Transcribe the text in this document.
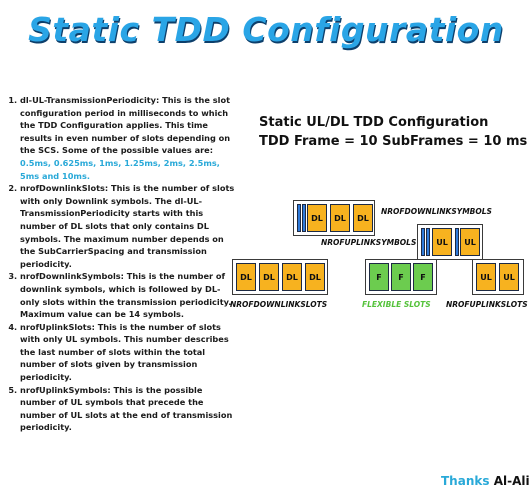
Static TDD Configuration
1. dl-UL-TransmissionPeriodicity: This is the slot configuration period in milliseconds to which the TDD Configuration applies. This time results in even number of slots depending on the SCS. Some of the possible values are: 0.5ms, 0.625ms, 1ms, 1.25ms, 2ms, 2.5ms, 5ms and 10ms.
2. nrofDownlinkSlots: This is the number of slots with only Downlink symbols. The dl-UL-TransmissionPeriodicity starts with this number of DL slots that only contains DL symbols. The maximum number depends on the SubCarrierSpacing and transmission periodicity.
3. nrofDownlinkSymbols: This is the number of downlink symbols, which is followed by DL-only slots within the transmission periodicity. Maximum value can be 14 symbols.
4. nrofUplinkSlots: This is the number of slots with only UL symbols. This number describes the last number of slots within the total number of slots given by transmission periodicity.
5. nrofUplinkSymbols: This is the possible number of UL symbols that precede the number of UL slots at the end of transmission periodicity.
Static UL/DL TDD Configuration
TDD Frame = 10 SubFrames = 10 ms
DL	DL	DL
NROFDOWNLINKSYMBOLS
UL	UL
NROFUPLINKSYMBOLS
DL	DL	DL	DL
NROFDOWNLINKSLOTS
F	F	F
FLEXIBLE SLOTS
UL	UL
NROFUPLINKSLOTS
Thanks Al-Ali
